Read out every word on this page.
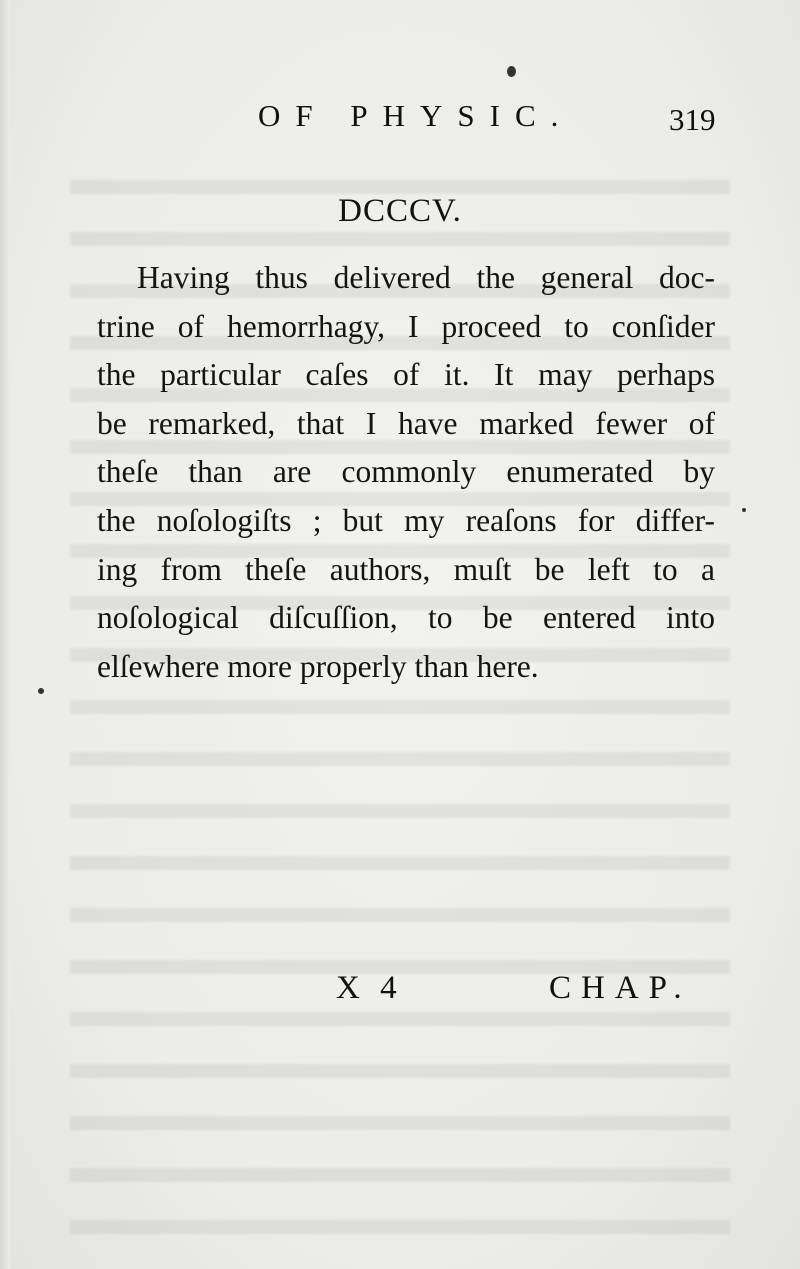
OF PHYSIC.	319
DCCCV.
Having thus delivered the general doc-
trine of hemorrhagy, I proceed to conſider
the particular caſes of it. It may perhaps
be remarked, that I have marked fewer of
theſe than are commonly enumerated by
the noſologiſts ; but my reaſons for differ-
ing from theſe authors, muſt be left to a
noſological diſcuſſion, to be entered into
elſewhere more properly than here.
X 4	CHAP.
